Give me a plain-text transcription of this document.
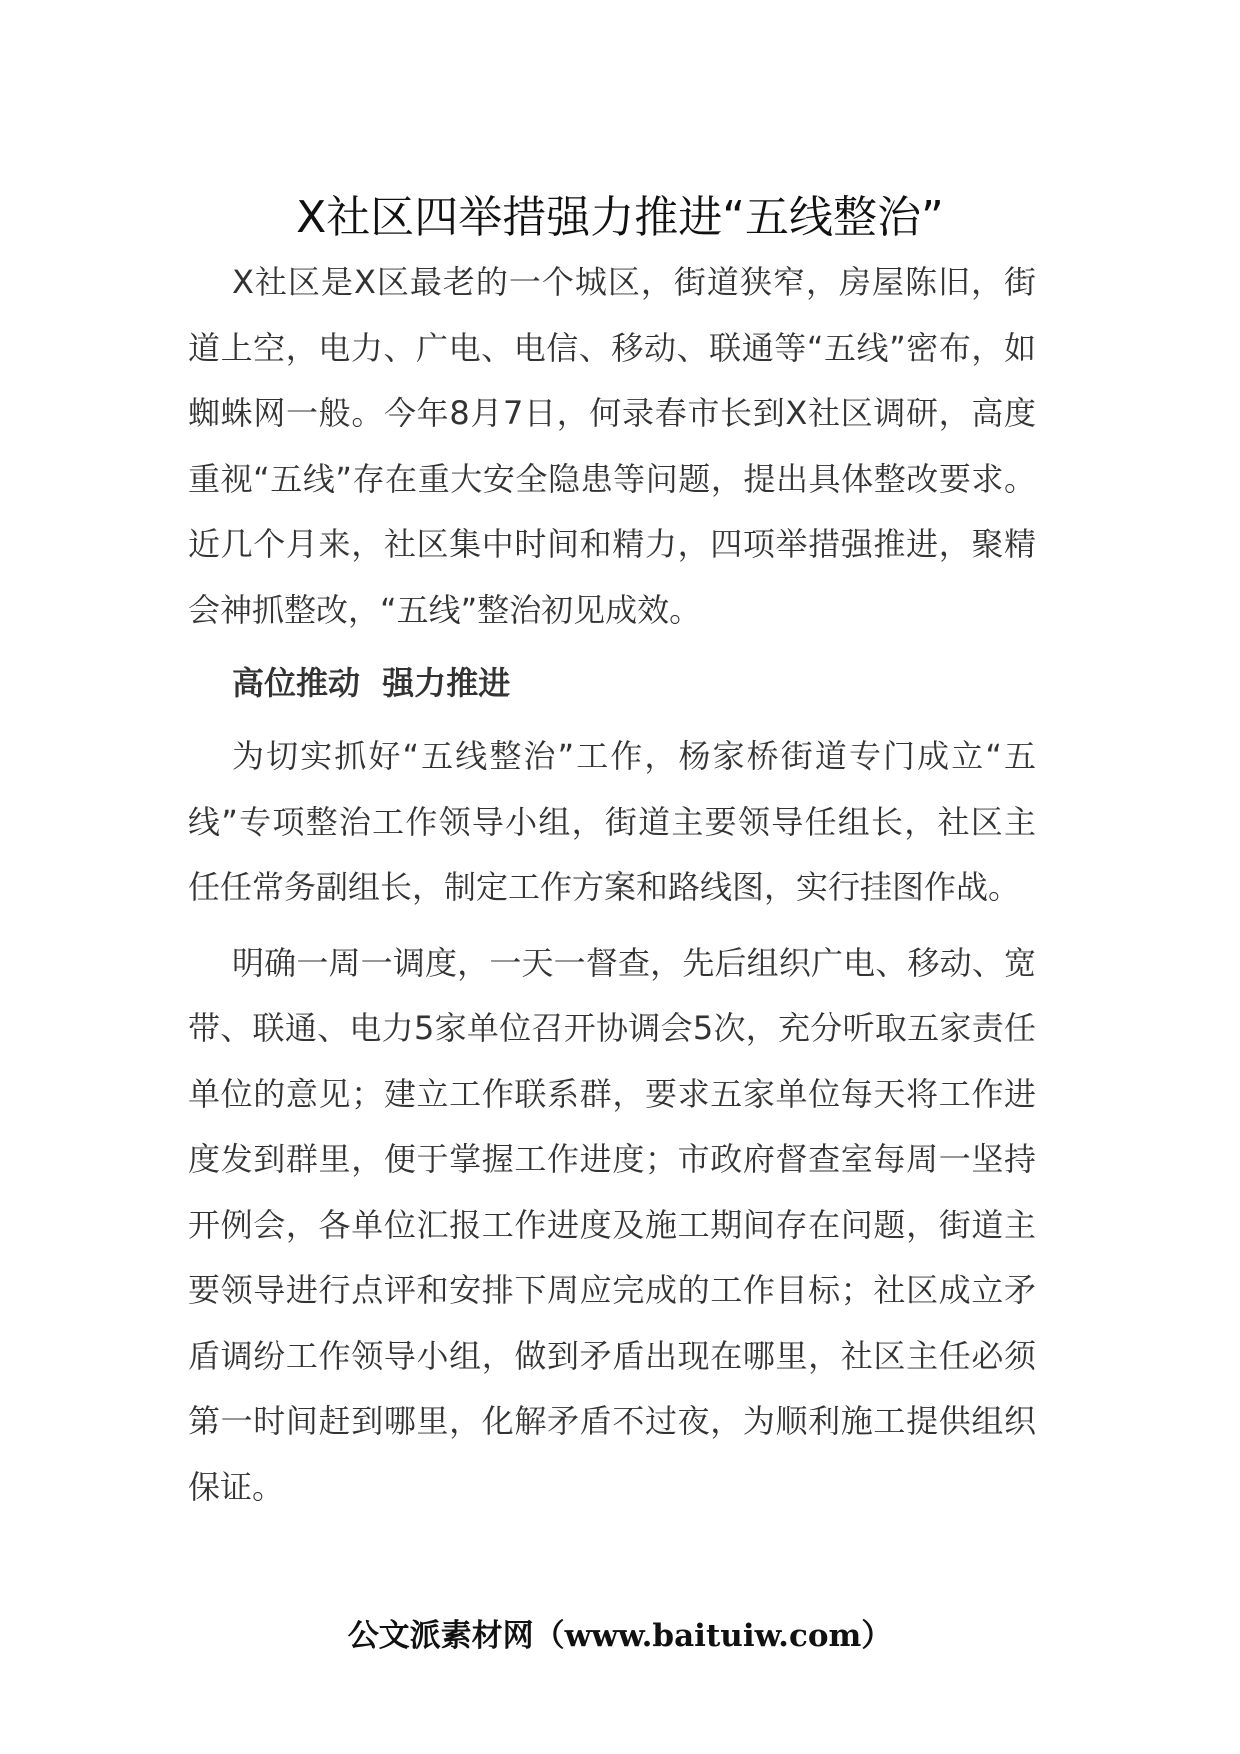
X社区四举措强力推进“五线整治”

X社区是X区最老的一个城区，街道狭窄，房屋陈旧，街道上空，电力、广电、电信、移动、联通等“五线”密布，如蜘蛛网一般。今年8月7日，何录春市长到X社区调研，高度重视“五线”存在重大安全隐患等问题，提出具体整改要求。近几个月来，社区集中时间和精力，四项举措强推进，聚精会神抓整改，“五线”整治初见成效。

高位推动  强力推进

为切实抓好“五线整治”工作，杨家桥街道专门成立“五线”专项整治工作领导小组，街道主要领导任组长，社区主任任常务副组长，制定工作方案和路线图，实行挂图作战。

明确一周一调度，一天一督查，先后组织广电、移动、宽带、联通、电力5家单位召开协调会5次，充分听取五家责任单位的意见；建立工作联系群，要求五家单位每天将工作进度发到群里，便于掌握工作进度；市政府督查室每周一坚持开例会，各单位汇报工作进度及施工期间存在问题，街道主要领导进行点评和安排下周应完成的工作目标；社区成立矛盾调纷工作领导小组，做到矛盾出现在哪里，社区主任必须第一时间赶到哪里，化解矛盾不过夜，为顺利施工提供组织保证。

公文派素材网（www.baituiw.com）
